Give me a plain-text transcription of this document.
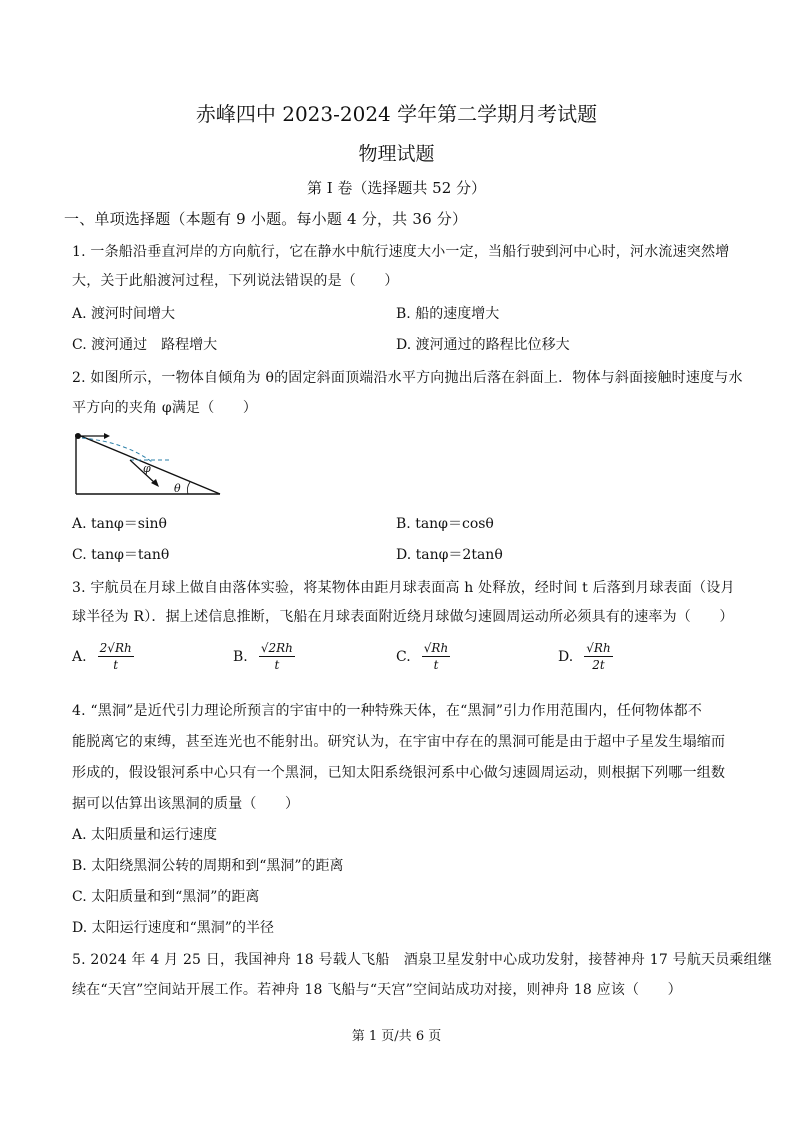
赤峰四中 2023-2024 学年第二学期月考试题
物理试题
第 I 卷（选择题共 52 分）
一、单项选择题（本题有 9 小题。每小题 4 分，共 36 分）
1. 一条船沿垂直河岸的方向航行，它在静水中航行速度大小一定，当船行驶到河中心时，河水流速突然增
大，关于此船渡河过程，下列说法错误的是（　　）
A. 渡河时间增大	B. 船的速度增大
C. 渡河通过　路程增大	D. 渡河通过的路程比位移大
2. 如图所示，一物体自倾角为 θ的固定斜面顶端沿水平方向抛出后落在斜面上．物体与斜面接触时速度与水
平方向的夹角 φ满足（　　）
φ
θ
A. tanφ＝sinθ	B. tanφ＝cosθ
C. tanφ＝tanθ	D. tanφ＝2tanθ
3. 宇航员在月球上做自由落体实验，将某物体由距月球表面高 h 处释放，经时间 t 后落到月球表面（设月
球半径为 R）．据上述信息推断，飞船在月球表面附近绕月球做匀速圆周运动所必须具有的速率为（　　）
A. $\frac{2√Rh}{t}$	B. $\frac{√2Rh}{t}$	C. $\frac{√Rh}{t}$	D. $\frac{√Rh}{2t}$
4. “黑洞”是近代引力理论所预言的宇宙中的一种特殊天体，在“黑洞”引力作用范围内，任何物体都不
能脱离它的束缚，甚至连光也不能射出。研究认为，在宇宙中存在的黑洞可能是由于超中子星发生塌缩而
形成的，假设银河系中心只有一个黑洞，已知太阳系绕银河系中心做匀速圆周运动，则根据下列哪一组数
据可以估算出该黑洞的质量（　　）
A. 太阳质量和运行速度
B. 太阳绕黑洞公转的周期和到“黑洞”的距离
C. 太阳质量和到“黑洞”的距离
D. 太阳运行速度和“黑洞”的半径
5. 2024 年 4 月 25 日，我国神舟 18 号载人飞船　酒泉卫星发射中心成功发射，接替神舟 17 号航天员乘组继
续在“天宫”空间站开展工作。若神舟 18 飞船与“天宫”空间站成功对接，则神舟 18 应该（　　）
第 1 页/共 6 页
